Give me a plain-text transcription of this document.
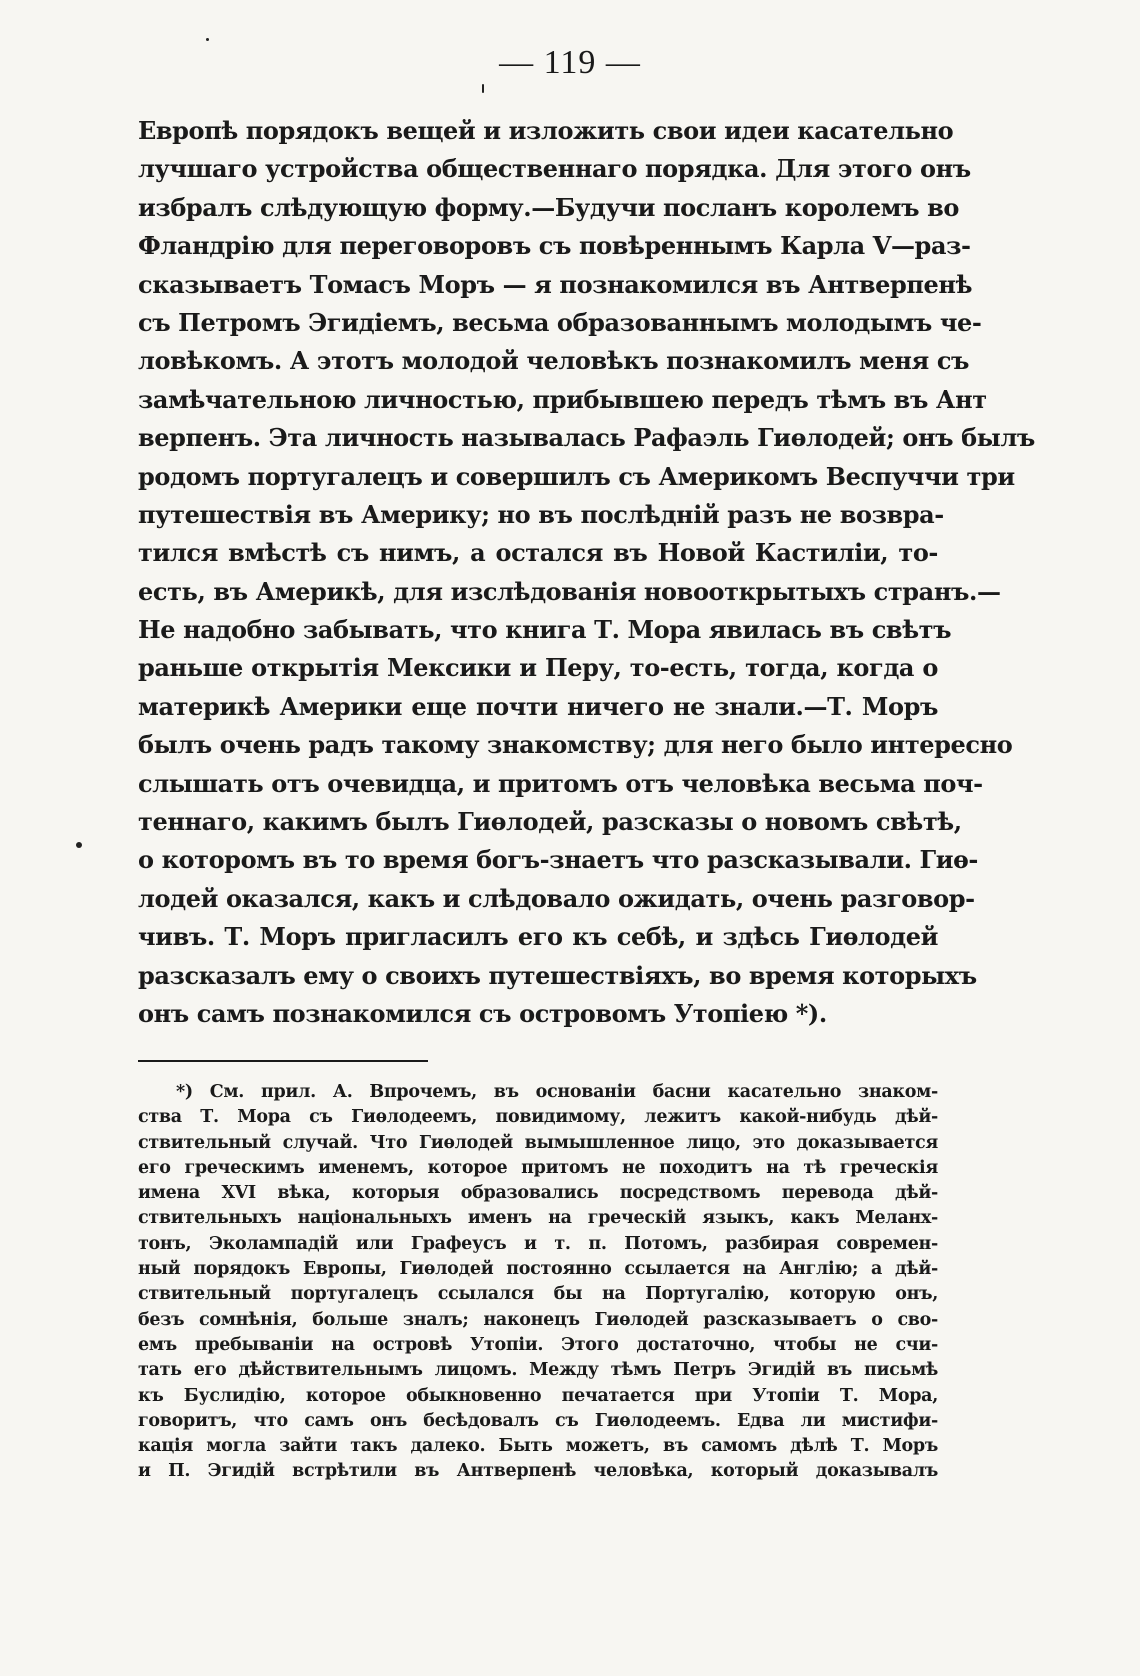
— 119 —
Европѣ порядокъ вещей и изложить свои идеи касательно
лучшаго устройства общественнаго порядка. Для этого онъ
избралъ слѣдующую форму.—Будучи посланъ королемъ во
Фландрію для переговоровъ съ повѣреннымъ Карла V—раз-
сказываетъ Томасъ Моръ — я познакомился въ Антверпенѣ
съ Петромъ Эгидіемъ, весьма образованнымъ молодымъ че-
ловѣкомъ. А этотъ молодой человѣкъ познакомилъ меня съ
замѣчательною личностью, прибывшею передъ тѣмъ въ Ант
верпенъ. Эта личность называлась Рафаэль Гиѳлодей; онъ былъ
родомъ португалецъ и совершилъ съ Америкомъ Веспуччи три
путешествія въ Америку; но въ послѣдній разъ не возвра-
тился вмѣстѣ съ нимъ, а остался въ Новой Кастиліи, то-
есть, въ Америкѣ, для изслѣдованія новооткрытыхъ странъ.—
Не надобно забывать, что книга Т. Мора явилась въ свѣтъ
раньше открытія Мексики и Перу, то-есть, тогда, когда о
материкѣ Америки еще почти ничего не знали.—Т. Моръ
былъ очень радъ такому знакомству; для него было интересно
слышать отъ очевидца, и притомъ отъ человѣка весьма поч-
теннаго, какимъ былъ Гиѳлодей, разсказы о новомъ свѣтѣ,
о которомъ въ то время богъ-знаетъ что разсказывали. Гиѳ-
лодей оказался, какъ и слѣдовало ожидать, очень разговор-
чивъ. Т. Моръ пригласилъ его къ себѣ, и здѣсь Гиѳлодей
разсказалъ ему о своихъ путешествіяхъ, во время которыхъ
онъ самъ познакомился съ островомъ Утопіею *).
*) См. прил. А. Впрочемъ, въ основаніи басни касательно знаком-
ства Т. Мора съ Гиѳлодеемъ, повидимому, лежитъ какой-нибудь дѣй-
ствительный случай. Что Гиѳлодей вымышленное лицо, это доказывается
его греческимъ именемъ, которое притомъ не походитъ на тѣ греческія
имена XVI вѣка, которыя образовались посредствомъ перевода дѣй-
ствительныхъ національныхъ именъ на греческій языкъ, какъ Меланх-
тонъ, Эколампадій или Графеусъ и т. п. Потомъ, разбирая современ-
ный порядокъ Европы, Гиѳлодей постоянно ссылается на Англію; а дѣй-
ствительный португалецъ ссылался бы на Португалію, которую онъ,
безъ сомнѣнія, больше зналъ; наконецъ Гиѳлодей разсказываетъ о сво-
емъ пребываніи на островѣ Утопіи. Этого достаточно, чтобы не счи-
тать его дѣйствительнымъ лицомъ. Между тѣмъ Петръ Эгидій въ письмѣ
къ Буслидію, которое обыкновенно печатается при Утопіи Т. Мора,
говоритъ, что самъ онъ бесѣдовалъ съ Гиѳлодеемъ. Едва ли мистифи-
кація могла зайти такъ далеко. Быть можетъ, въ самомъ дѣлѣ Т. Моръ
и П. Эгидій встрѣтили въ Антверпенѣ человѣка, который доказывалъ
